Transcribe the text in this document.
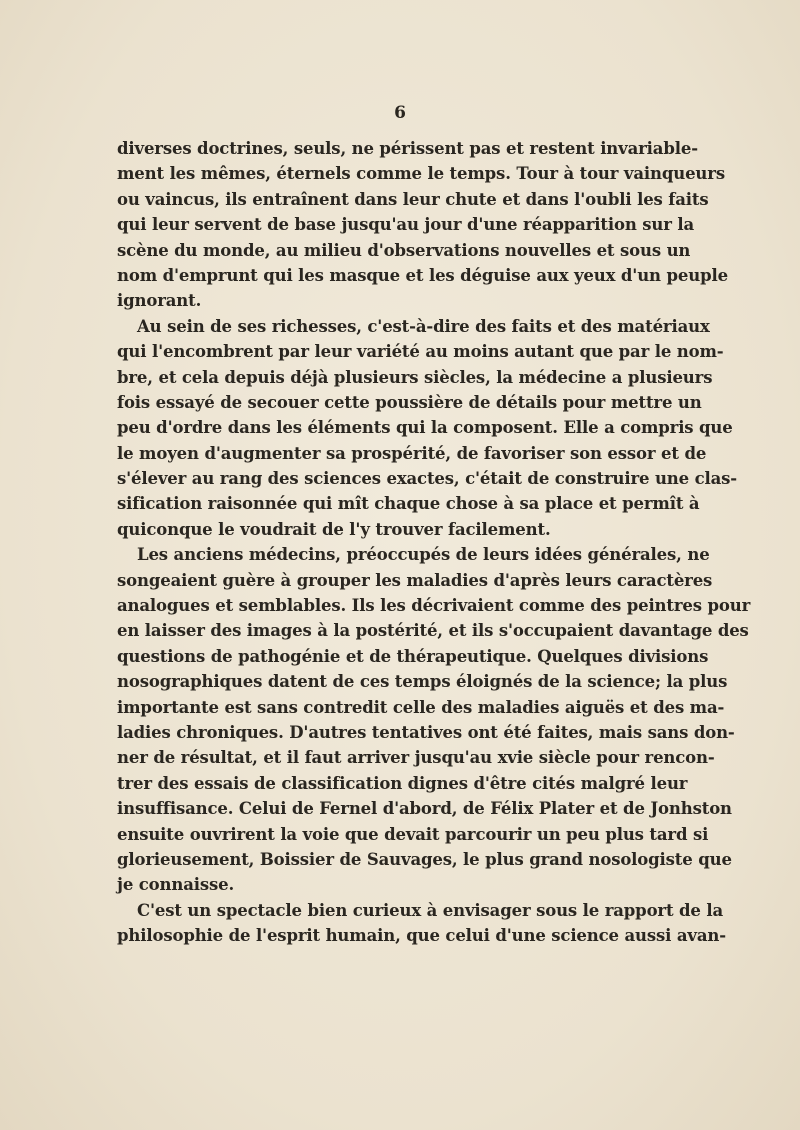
6
diverses doctrines, seuls, ne périssent pas et restent invariable-
ment les mêmes, éternels comme le temps. Tour à tour vainqueurs
ou vaincus, ils entraînent dans leur chute et dans l'oubli les faits
qui leur servent de base jusqu'au jour d'une réapparition sur la
scène du monde, au milieu d'observations nouvelles et sous un
nom d'emprunt qui les masque et les déguise aux yeux d'un peuple
ignorant.
Au sein de ses richesses, c'est-à-dire des faits et des matériaux
qui l'encombrent par leur variété au moins autant que par le nom-
bre, et cela depuis déjà plusieurs siècles, la médecine a plusieurs
fois essayé de secouer cette poussière de détails pour mettre un
peu d'ordre dans les éléments qui la composent. Elle a compris que
le moyen d'augmenter sa prospérité, de favoriser son essor et de
s'élever au rang des sciences exactes, c'était de construire une clas-
sification raisonnée qui mît chaque chose à sa place et permît à
quiconque le voudrait de l'y trouver facilement.
Les anciens médecins, préoccupés de leurs idées générales, ne
songeaient guère à grouper les maladies d'après leurs caractères
analogues et semblables. Ils les décrivaient comme des peintres pour
en laisser des images à la postérité, et ils s'occupaient davantage des
questions de pathogénie et de thérapeutique. Quelques divisions
nosographiques datent de ces temps éloignés de la science; la plus
importante est sans contredit celle des maladies aiguës et des ma-
ladies chroniques. D'autres tentatives ont été faites, mais sans don-
ner de résultat, et il faut arriver jusqu'au xvie siècle pour rencon-
trer des essais de classification dignes d'être cités malgré leur
insuffisance. Celui de Fernel d'abord, de Félix Plater et de Jonhston
ensuite ouvrirent la voie que devait parcourir un peu plus tard si
glorieusement, Boissier de Sauvages, le plus grand nosologiste que
je connaisse.
C'est un spectacle bien curieux à envisager sous le rapport de la
philosophie de l'esprit humain, que celui d'une science aussi avan-
